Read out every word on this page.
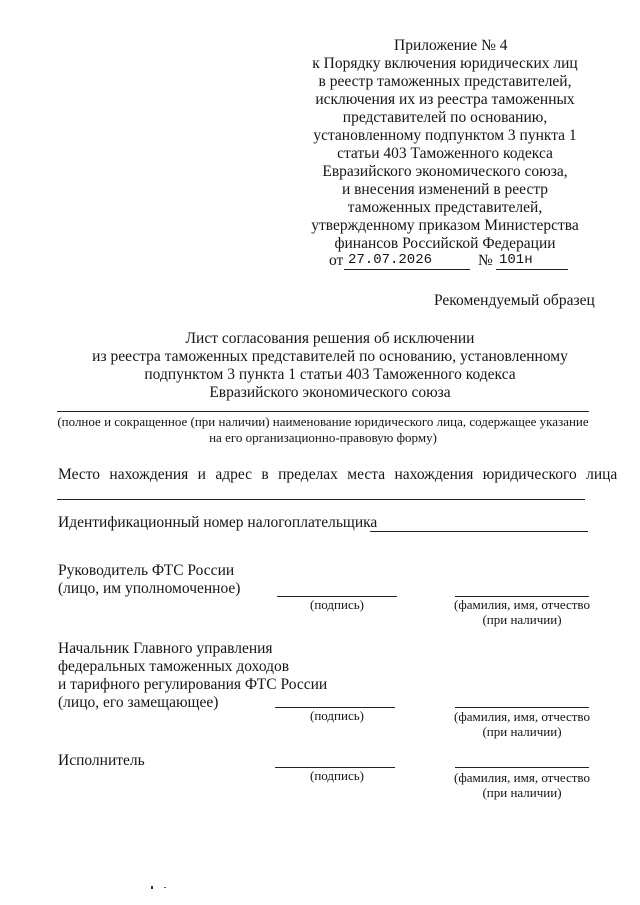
Приложение № 4
к Порядку включения юридических лиц
в реестр таможенных представителей,
исключения их из реестра таможенных
представителей по основанию,
установленному подпунктом 3 пункта 1
статьи 403 Таможенного кодекса
Евразийского экономического союза,
и внесения изменений в реестр
таможенных представителей,
утвержденному приказом Министерства
финансов Российской Федерации
от 27.07.2026	№ 101н
Рекомендуемый образец
Лист согласования решения об исключении
из реестра таможенных представителей по основанию, установленному
подпунктом 3 пункта 1 статьи 403 Таможенного кодекса
Евразийского экономического союза
(полное и сокращенное (при наличии) наименование юридического лица, содержащее указание
на его организационно-правовую форму)
Место нахождения и адрес в пределах места нахождения юридического лица
Идентификационный номер налогоплательщика
Руководитель ФТС России
(лицо, им уполномоченное)
(подпись)	(фамилия, имя, отчество
(при наличии)
Начальник Главного управления
федеральных таможенных доходов
и тарифного регулирования ФТС России
(лицо, его замещающее)
(подпись)	(фамилия, имя, отчество
(при наличии)
Исполнитель
(подпись)	(фамилия, имя, отчество
(при наличии)
